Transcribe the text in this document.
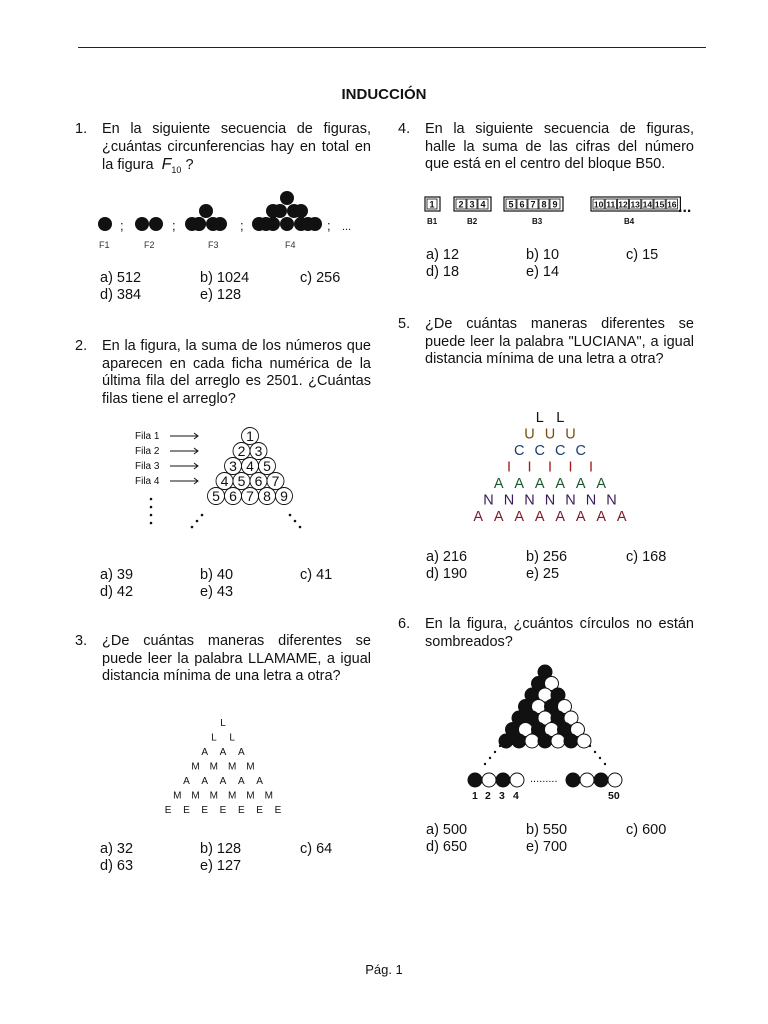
INDUCCIÓN
1. En la siguiente secuencia de figuras, ¿cuántas circunferencias hay en total en la figura $F_{10}$ ?
;	;	;	; ...
F1	F2	F3	F4
a) 512	b) 1024	c) 256
d) 384	e) 128
2. En la figura, la suma de los números que aparecen en cada ficha numérica de la última fila del arreglo es 2501. ¿Cuántas filas tiene el arreglo?
Fila 1
Fila 2
Fila 3
Fila 4
1
2 3
3 4 5
4 5 6 7
5 6 7 8 9
a) 39	b) 40	c) 41
d) 42	e) 43
3. ¿De cuántas maneras diferentes se puede leer la palabra LLAMAME, a igual distancia mínima de una letra a otra?
L
L L
A A A
M M M M
A A A A A
M M M M M M
E E E E E E E
a) 32	b) 128	c) 64
d) 63	e) 127
4. En la siguiente secuencia de figuras, halle la suma de las cifras del número que está en el centro del bloque B50.
1	2 3 4	5 6 7 8 9	10 11 12 13 14 15 16 ...
B1	B2	B3	B4
a) 12	b) 10	c) 15
d) 18	e) 14
5. ¿De cuántas maneras diferentes se puede leer la palabra "LUCIANA", a igual distancia mínima de una letra a otra?
L L
U U U
C C C C
I I I I I
A A A A A A
N N N N N N N
A A A A A A A A
a) 216	b) 256	c) 168
d) 190	e) 25
6. En la figura, ¿cuántos círculos no están sombreados?
.........
1 2 3 4	50
a) 500	b) 550	c) 600
d) 650	e) 700
Pág. 1
